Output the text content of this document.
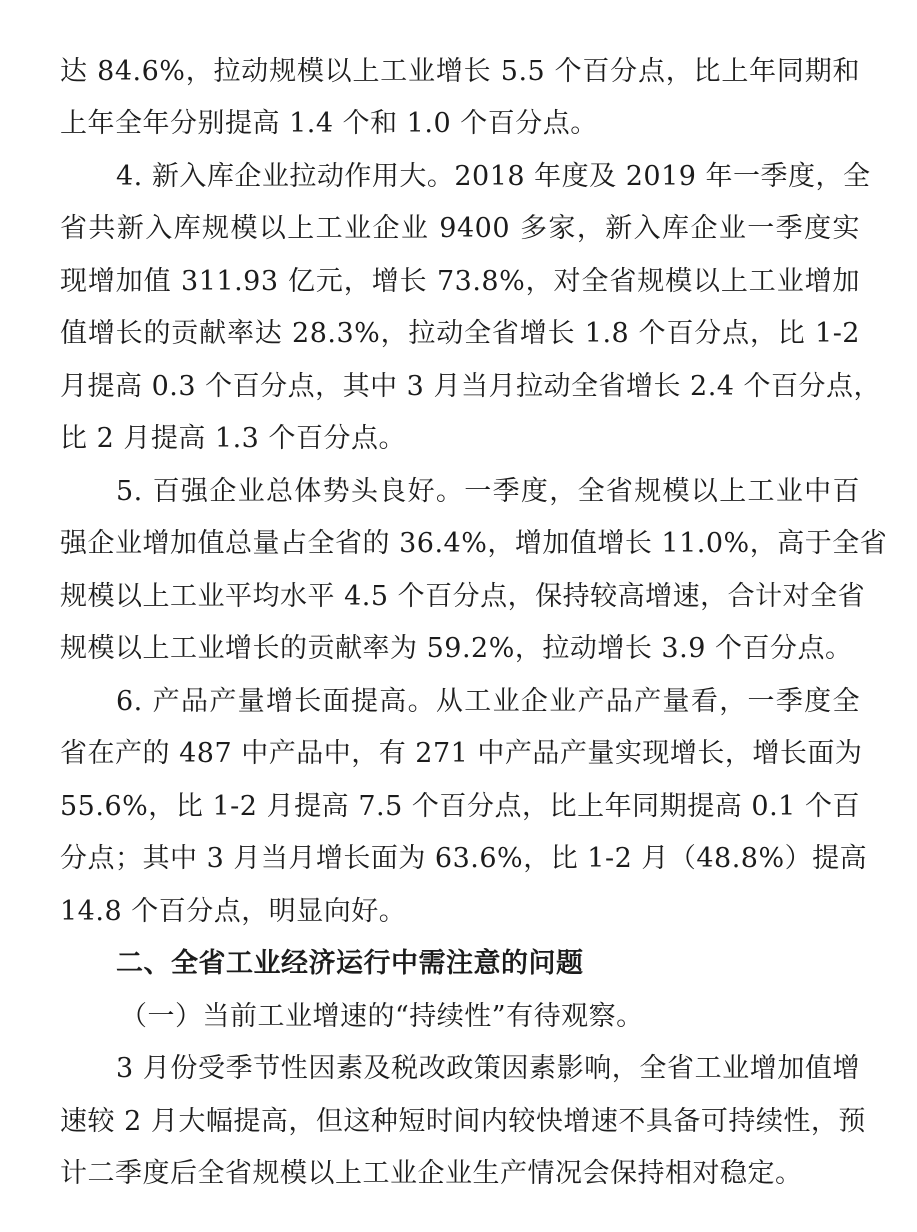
达 84.6%，拉动规模以上工业增长 5.5 个百分点，比上年同期和
上年全年分别提高 1.4 个和 1.0 个百分点。
4. 新入库企业拉动作用大。2018 年度及 2019 年一季度，全
省共新入库规模以上工业企业 9400 多家，新入库企业一季度实
现增加值 311.93 亿元，增长 73.8%，对全省规模以上工业增加
值增长的贡献率达 28.3%，拉动全省增长 1.8 个百分点，比 1-2
月提高 0.3 个百分点，其中 3 月当月拉动全省增长 2.4 个百分点，
比 2 月提高 1.3 个百分点。
5. 百强企业总体势头良好。一季度，全省规模以上工业中百
强企业增加值总量占全省的 36.4%，增加值增长 11.0%，高于全省
规模以上工业平均水平 4.5 个百分点，保持较高增速，合计对全省
规模以上工业增长的贡献率为 59.2%，拉动增长 3.9 个百分点。
6. 产品产量增长面提高。从工业企业产品产量看，一季度全
省在产的 487 中产品中，有 271 中产品产量实现增长，增长面为
55.6%，比 1-2 月提高 7.5 个百分点，比上年同期提高 0.1 个百
分点；其中 3 月当月增长面为 63.6%，比 1-2 月（48.8%）提高
14.8 个百分点，明显向好。
二、全省工业经济运行中需注意的问题
（一）当前工业增速的“持续性”有待观察。
3 月份受季节性因素及税改政策因素影响，全省工业增加值增
速较 2 月大幅提高，但这种短时间内较快增速不具备可持续性，预
计二季度后全省规模以上工业企业生产情况会保持相对稳定。
